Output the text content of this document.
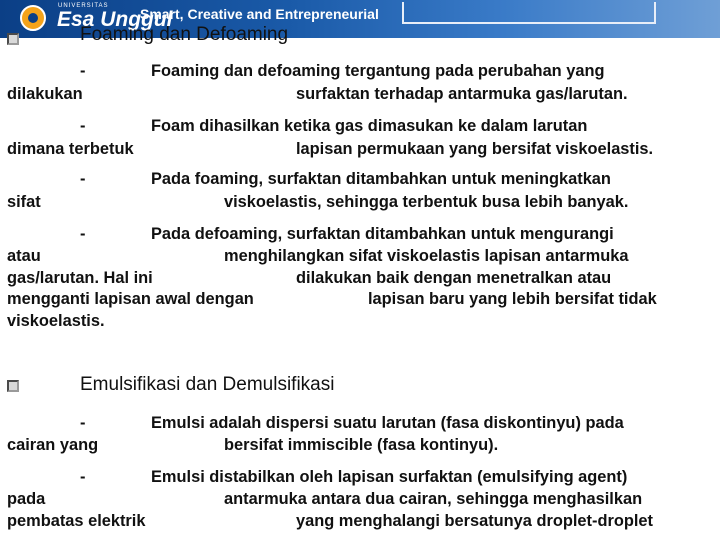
UNIVERSITAS
Esa Unggul
Smart, Creative and Entrepreneurial
Foaming dan Defoaming
-	Foaming dan defoaming tergantung pada perubahan yang
dilakukan	surfaktan terhadap antarmuka gas/larutan.
-	Foam dihasilkan ketika gas dimasukan ke dalam larutan
dimana terbetuk	lapisan permukaan yang bersifat viskoelastis.
-	Pada foaming, surfaktan ditambahkan untuk meningkatkan
sifat	viskoelastis, sehingga terbentuk busa lebih banyak.
-	Pada defoaming, surfaktan ditambahkan untuk mengurangi
atau	menghilangkan sifat viskoelastis lapisan antarmuka
gas/larutan. Hal ini	dilakukan baik dengan menetralkan atau
mengganti lapisan awal dengan	lapisan baru yang lebih bersifat tidak
viskoelastis.
Emulsifikasi dan Demulsifikasi
-	Emulsi adalah dispersi suatu larutan (fasa diskontinyu) pada
cairan yang	bersifat immiscible (fasa kontinyu).
-	Emulsi distabilkan oleh lapisan surfaktan (emulsifying agent)
pada	antarmuka antara dua cairan, sehingga menghasilkan
pembatas elektrik	yang menghalangi bersatunya droplet-droplet
